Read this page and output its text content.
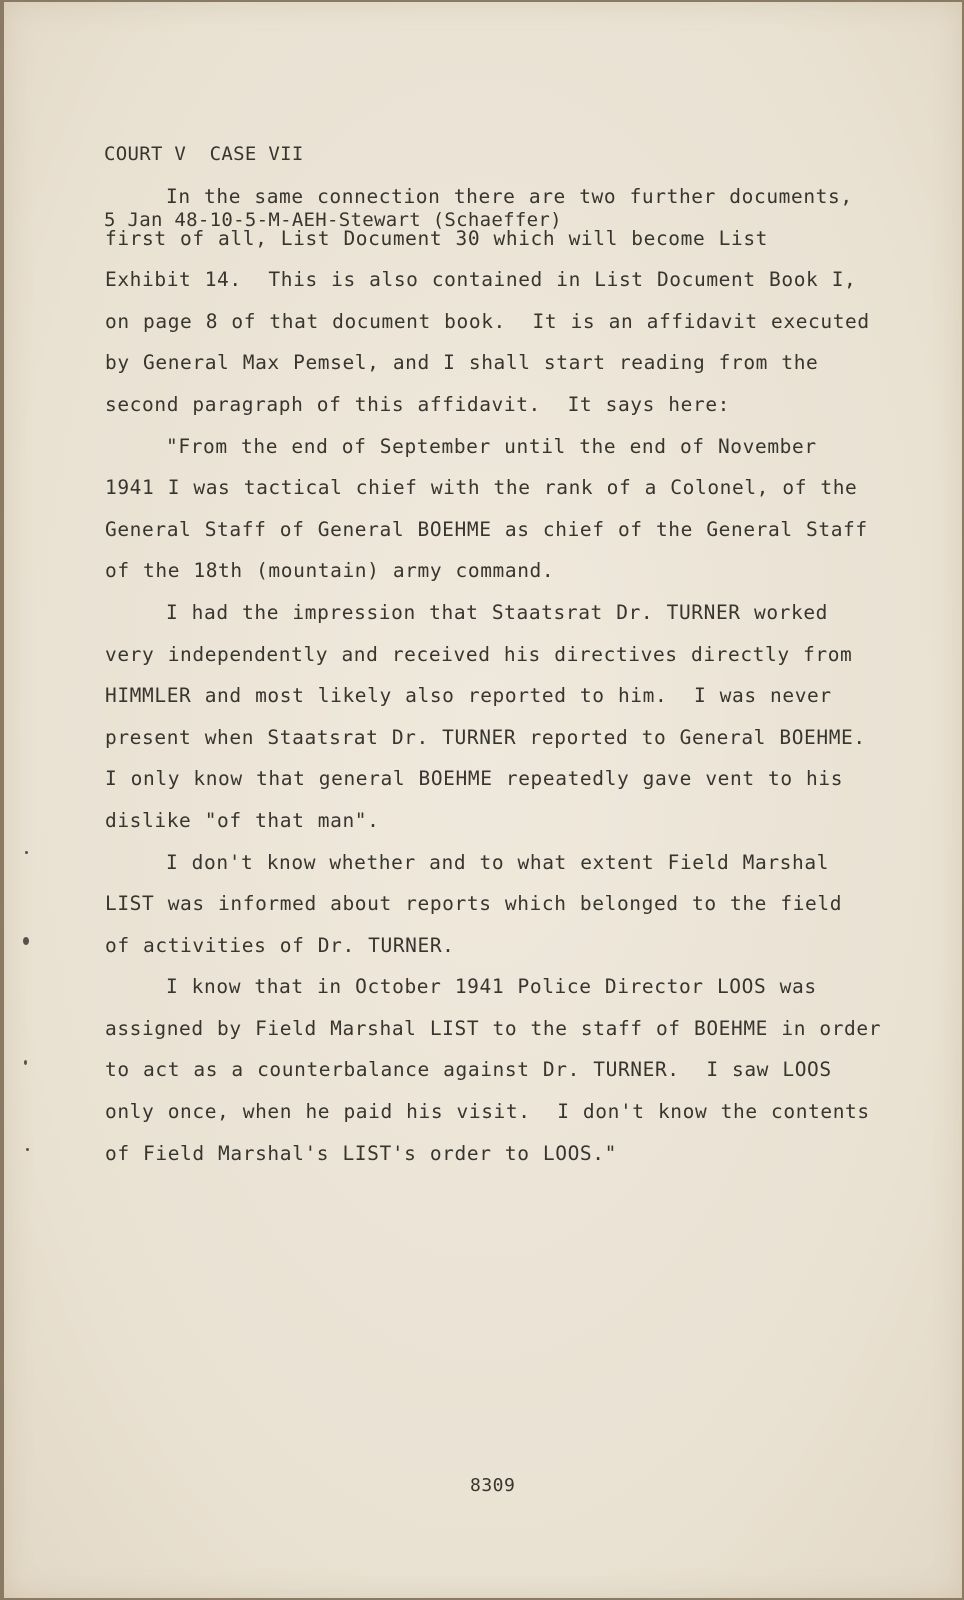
COURT V  CASE VII

5 Jan 48-10-5-M-AEH-Stewart (Schaeffer)

In the same connection there are two further documents,
first of all, List Document 30 which will become List
Exhibit 14.  This is also contained in List Document Book I,
on page 8 of that document book.  It is an affidavit executed
by General Max Pemsel, and I shall start reading from the
second paragraph of this affidavit.  It says here:
"From the end of September until the end of November
1941 I was tactical chief with the rank of a Colonel, of the
General Staff of General BOEHME as chief of the General Staff
of the 18th (mountain) army command.
I had the impression that Staatsrat Dr. TURNER worked
very independently and received his directives directly from
HIMMLER and most likely also reported to him.  I was never
present when Staatsrat Dr. TURNER reported to General BOEHME.
I only know that general BOEHME repeatedly gave vent to his
dislike "of that man".
I don't know whether and to what extent Field Marshal
LIST was informed about reports which belonged to the field
of activities of Dr. TURNER.
I know that in October 1941 Police Director LOOS was
assigned by Field Marshal LIST to the staff of BOEHME in order
to act as a counterbalance against Dr. TURNER.  I saw LOOS
only once, when he paid his visit.  I don't know the contents
of Field Marshal's LIST's order to LOOS."
8309
